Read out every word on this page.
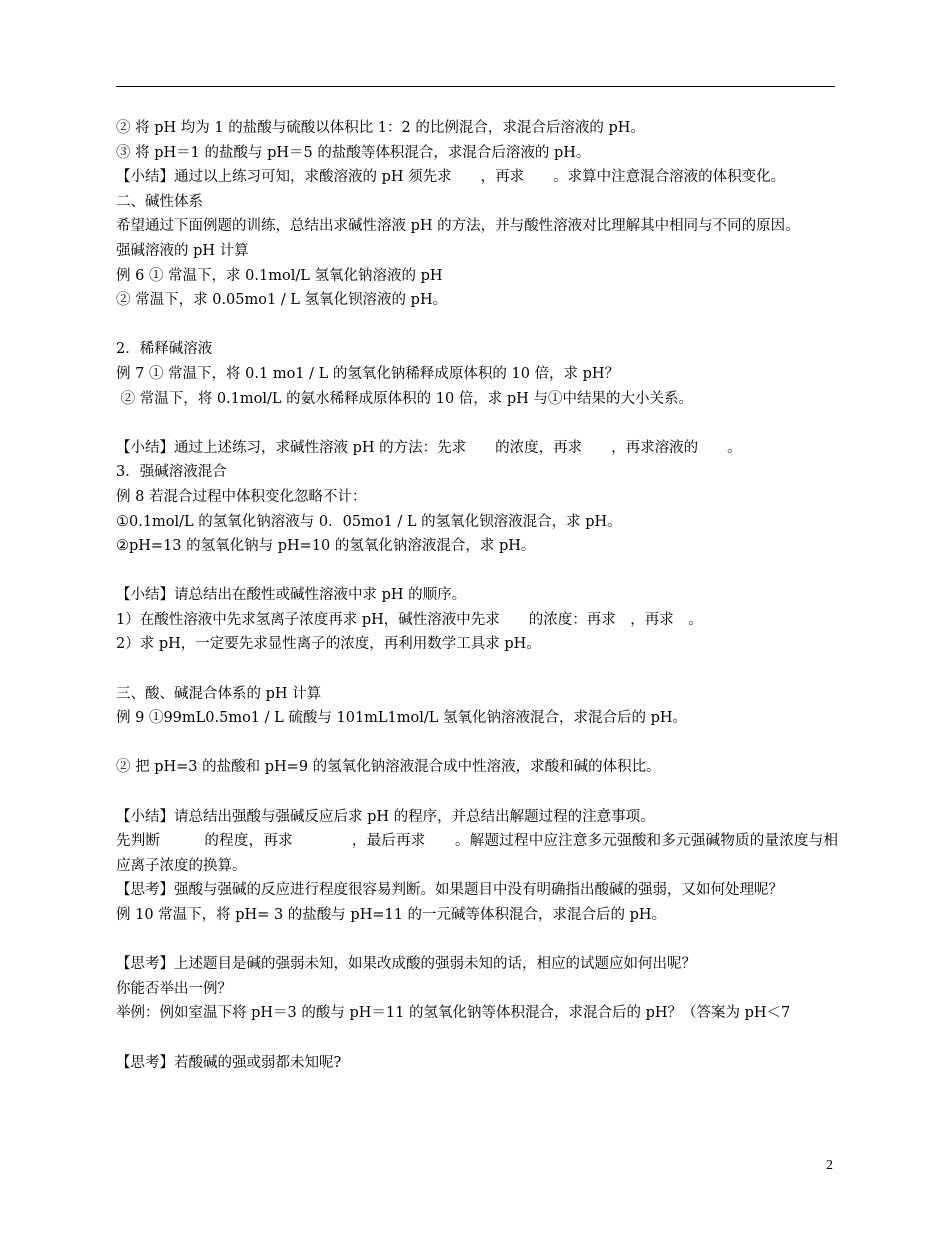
② 将 pH 均为 1 的盐酸与硫酸以体积比 1：2 的比例混合，求混合后溶液的 pH。
③ 将 pH＝1 的盐酸与 pH＝5 的盐酸等体积混合，求混合后溶液的 pH。
【小结】通过以上练习可知，求酸溶液的 pH 须先求　　，再求　　。求算中注意混合溶液的体积变化。
二、碱性体系
希望通过下面例题的训练，总结出求碱性溶液 pH 的方法，并与酸性溶液对比理解其中相同与不同的原因。
强碱溶液的 pH 计算
例 6 ① 常温下，求 0.1mol/L 氢氧化钠溶液的 pH
② 常温下，求 0.05mo1 / L 氢氧化钡溶液的 pH。
2．稀释碱溶液
例 7 ① 常温下，将 0.1 mo1 / L 的氢氧化钠稀释成原体积的 10 倍，求 pH？
② 常温下，将 0.1mol/L 的氨水稀释成原体积的 10 倍，求 pH 与①中结果的大小关系。
【小结】通过上述练习，求碱性溶液 pH 的方法：先求　　的浓度，再求　　，再求溶液的　　。
3．强碱溶液混合
例 8 若混合过程中体积变化忽略不计：
①0.1mol/L 的氢氧化钠溶液与 0．05mo1 / L 的氢氧化钡溶液混合，求 pH。
②pH=13 的氢氧化钠与 pH=10 的氢氧化钠溶液混合，求 pH。
【小结】请总结出在酸性或碱性溶液中求 pH 的顺序。
1）在酸性溶液中先求氢离子浓度再求 pH，碱性溶液中先求　　的浓度：再求　，再求　。
2）求 pH，一定要先求显性离子的浓度，再利用数学工具求 pH。
三、酸、碱混合体系的 pH 计算
例 9 ①99mL0.5mo1 / L 硫酸与 101mL1mol/L 氢氧化钠溶液混合，求混合后的 pH。
② 把 pH=3 的盐酸和 pH=9 的氢氧化钠溶液混合成中性溶液，求酸和碱的体积比。
【小结】请总结出强酸与强碱反应后求 pH 的程序，并总结出解题过程的注意事项。
先判断　　　的程度，再求　　　　，最后再求　　。解题过程中应注意多元强酸和多元强碱物质的量浓度与相应离子浓度的换算。
【思考】强酸与强碱的反应进行程度很容易判断。如果题目中没有明确指出酸碱的强弱，又如何处理呢？
例 10 常温下，将 pH= 3 的盐酸与 pH=11 的一元碱等体积混合，求混合后的 pH。
【思考】上述题目是碱的强弱未知，如果改成酸的强弱未知的话，相应的试题应如何出呢？
你能否举出一例？
举例：例如室温下将 pH＝3 的酸与 pH＝11 的氢氧化钠等体积混合，求混合后的 pH？（答案为 pH＜7
【思考】若酸碱的强或弱都未知呢?
2
